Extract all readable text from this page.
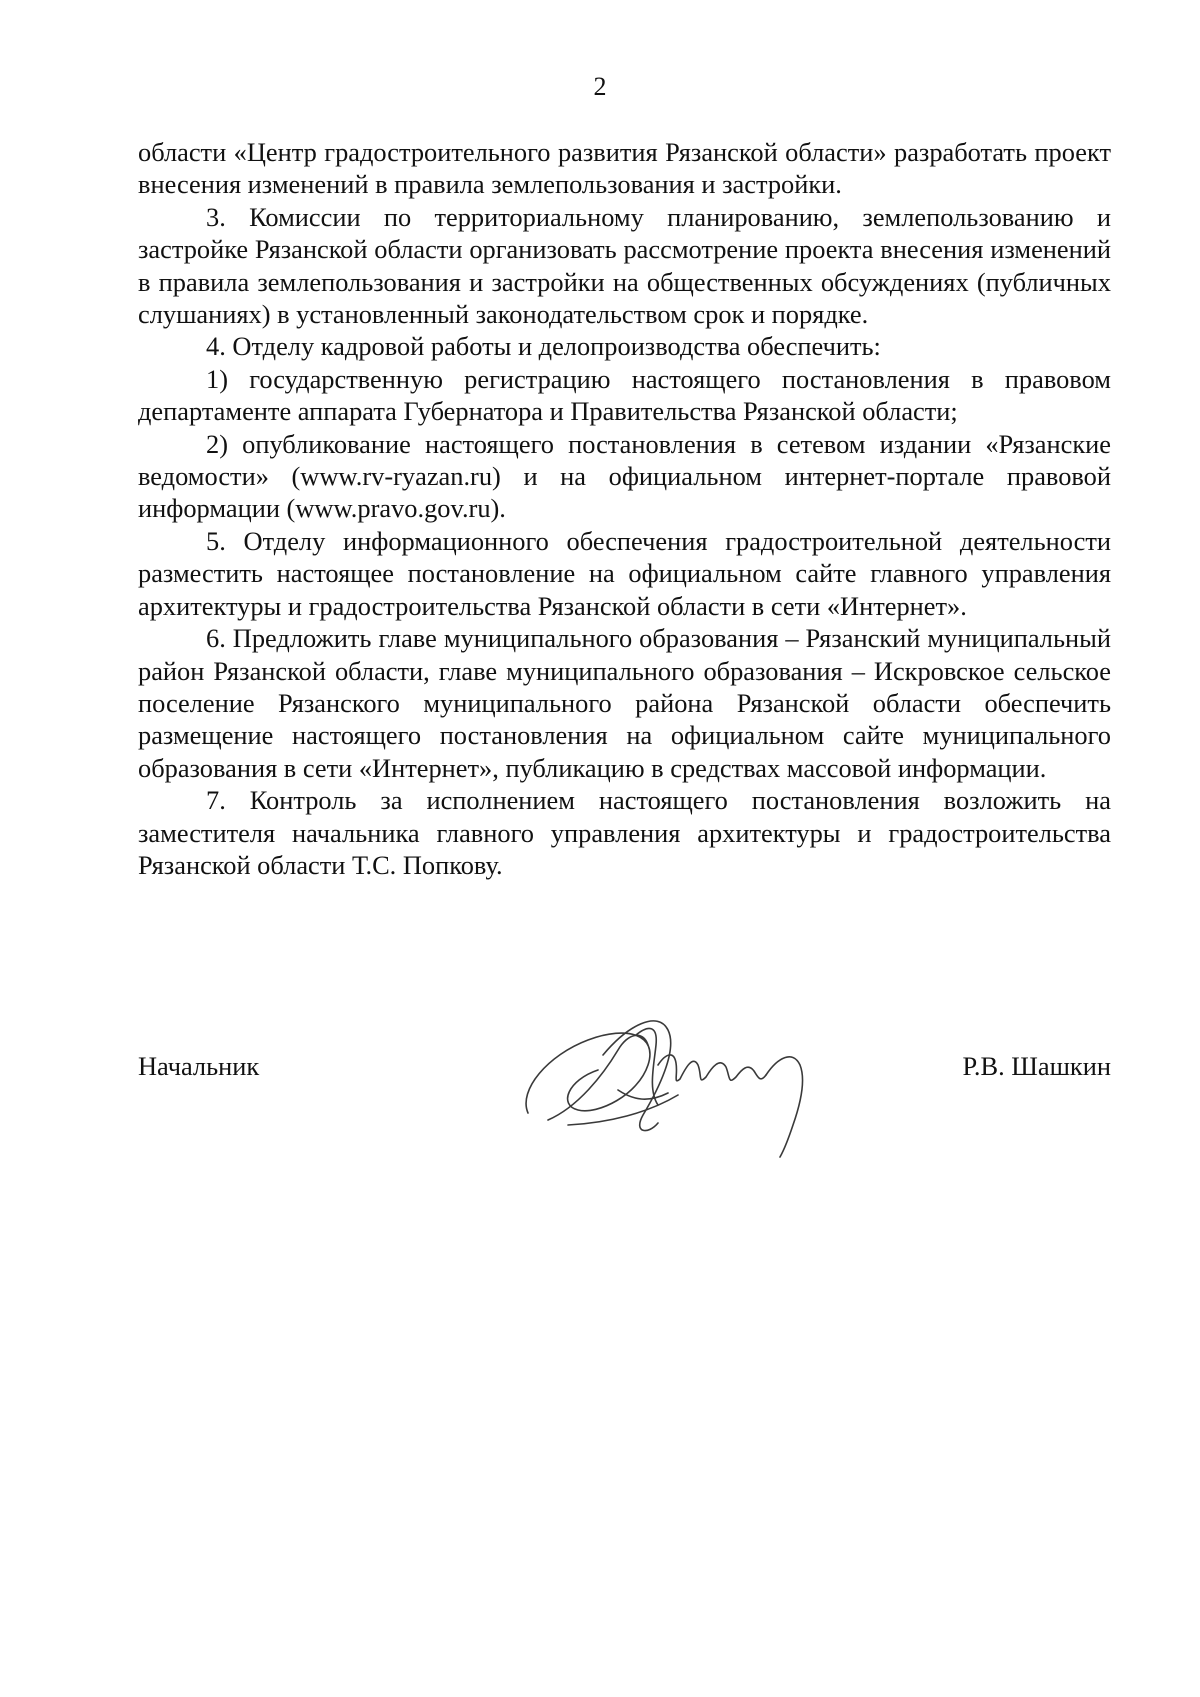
2

области «Центр градостроительного развития Рязанской области» разработать проект внесения изменений в правила землепользования и застройки.

3. Комиссии по территориальному планированию, землепользованию и застройке Рязанской области организовать рассмотрение проекта внесения изменений в правила землепользования и застройки на общественных обсуждениях (публичных слушаниях) в установленный законодательством срок и порядке.

4. Отделу кадровой работы и делопроизводства обеспечить:

1) государственную регистрацию настоящего постановления в правовом департаменте аппарата Губернатора и Правительства Рязанской области;

2) опубликование настоящего постановления в сетевом издании «Рязанские ведомости» (www.rv-ryazan.ru) и на официальном интернет-портале правовой информации (www.pravo.gov.ru).

5. Отделу информационного обеспечения градостроительной деятельности разместить настоящее постановление на официальном сайте главного управления архитектуры и градостроительства Рязанской области в сети «Интернет».

6. Предложить главе муниципального образования – Рязанский муниципальный район Рязанской области, главе муниципального образования – Искровское сельское поселение Рязанского муниципального района Рязанской области обеспечить размещение настоящего постановления на официальном сайте муниципального образования в сети «Интернет», публикацию в средствах массовой информации.

7. Контроль за исполнением настоящего постановления возложить на заместителя начальника главного управления архитектуры и градостроительства Рязанской области Т.С. Попкову.

Начальник	Р.В. Шашкин
